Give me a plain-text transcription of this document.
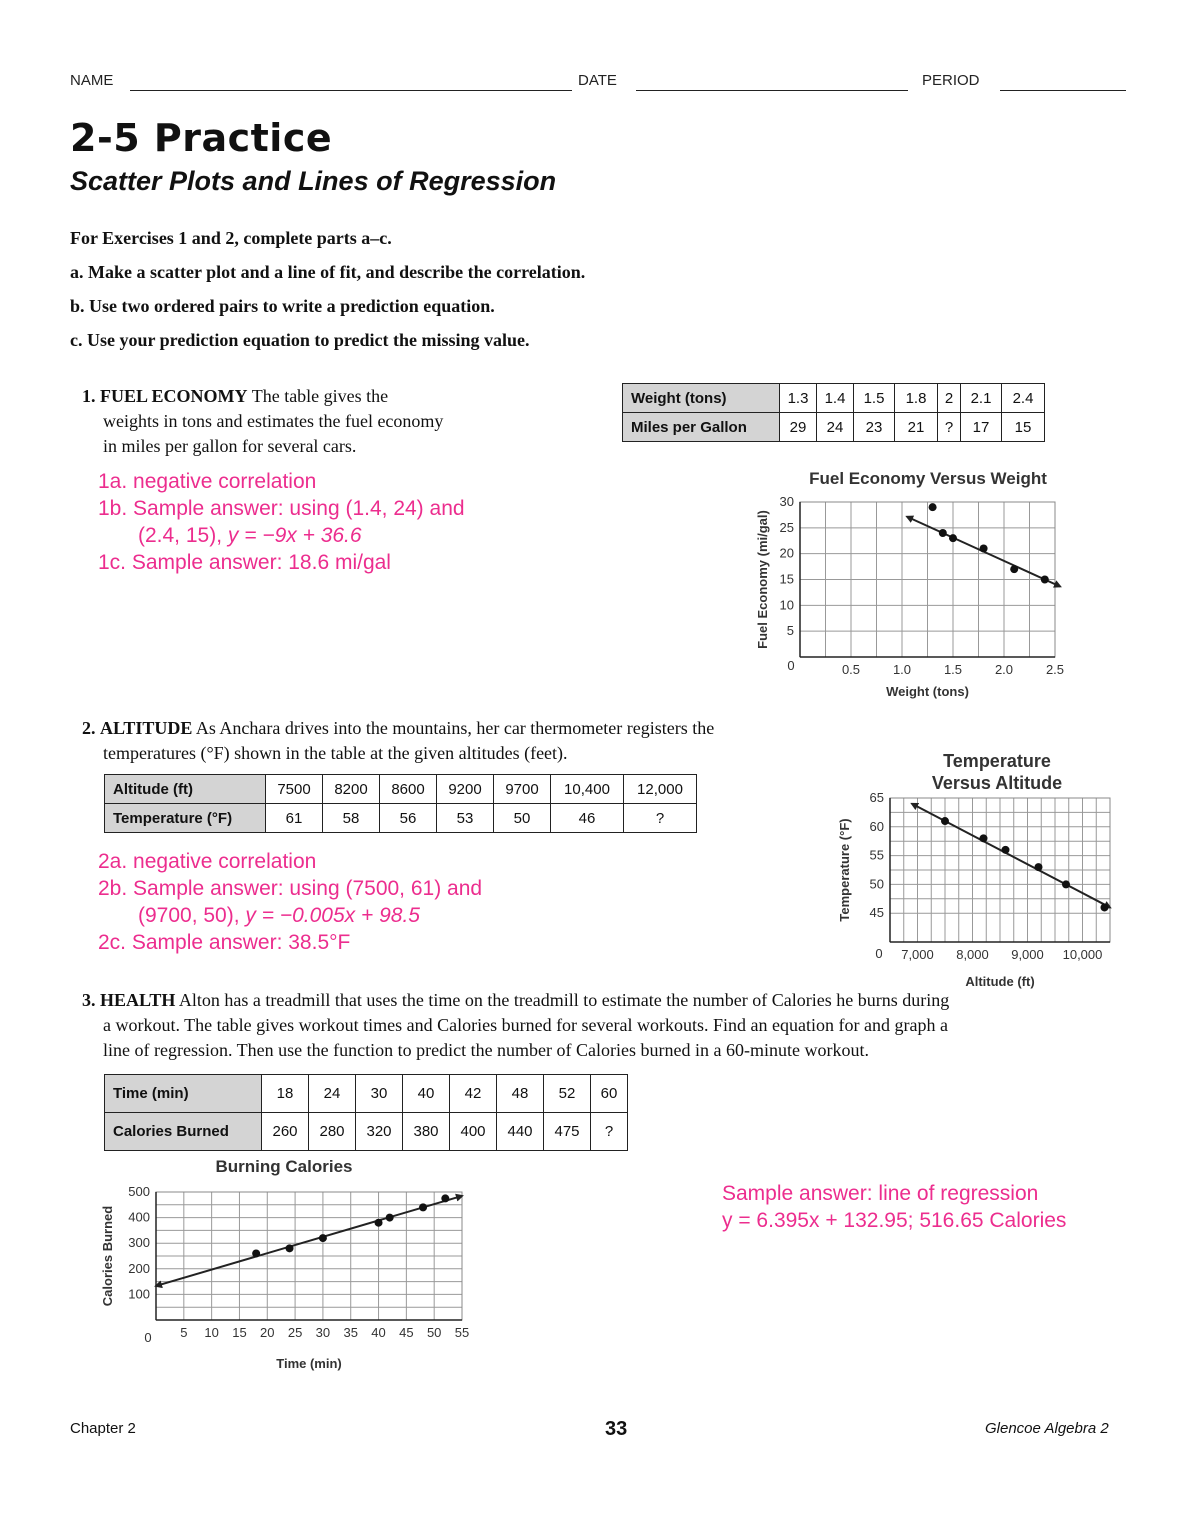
NAME	DATE	PERIOD
2-5 Practice
Scatter Plots and Lines of Regression
For Exercises 1 and 2, complete parts a–c.
a. Make a scatter plot and a line of fit, and describe the correlation.
b. Use two ordered pairs to write a prediction equation.
c. Use your prediction equation to predict the missing value.
1. FUEL ECONOMY The table gives the
weights in tons and estimates the fuel economy
in miles per gallon for several cars.
Weight (tons)	1.3	1.4	1.5	1.8	2	2.1	2.4
Miles per Gallon	29	24	23	21	?	17	15
1a. negative correlation
1b. Sample answer: using (1.4, 24) and
(2.4, 15), y = −9x + 36.6
1c. Sample answer: 18.6 mi/gal
Fuel Economy Versus Weight
Weight (tons)
Fuel Economy (mi/gal)
0.5	1.0	1.5	2.0	2.5
5
10
15
20
25
30
0
2. ALTITUDE As Anchara drives into the mountains, her car thermometer registers the
temperatures (°F) shown in the table at the given altitudes (feet).
Altitude (ft)	7500	8200	8600	9200	9700	10,400	12,000
Temperature (°F)	61	58	56	53	50	46	?
2a. negative correlation
2b. Sample answer: using (7500, 61) and
(9700, 50), y = −0.005x + 98.5
2c. Sample answer: 38.5°F
Temperature
Versus Altitude
Altitude (ft)
Temperature (°F)
7,000 8,000 9,000 10,000
45
50
55
60
65
0
3. HEALTH Alton has a treadmill that uses the time on the treadmill to estimate the number of Calories he burns during
a workout. The table gives workout times and Calories burned for several workouts. Find an equation for and graph a
line of regression. Then use the function to predict the number of Calories burned in a 60-minute workout.
Time (min)	18	24	30	40	42	48	52	60
Calories Burned	260	280	320	380	400	440	475	?
Burning Calories
Time (min)
Calories Burned
5 10 15 20 25 30 35 40 45 50 55
100
200
300
400
500
0
Sample answer: line of regression
y = 6.395x + 132.95; 516.65 Calories
Chapter 2	33	Glencoe Algebra 2
